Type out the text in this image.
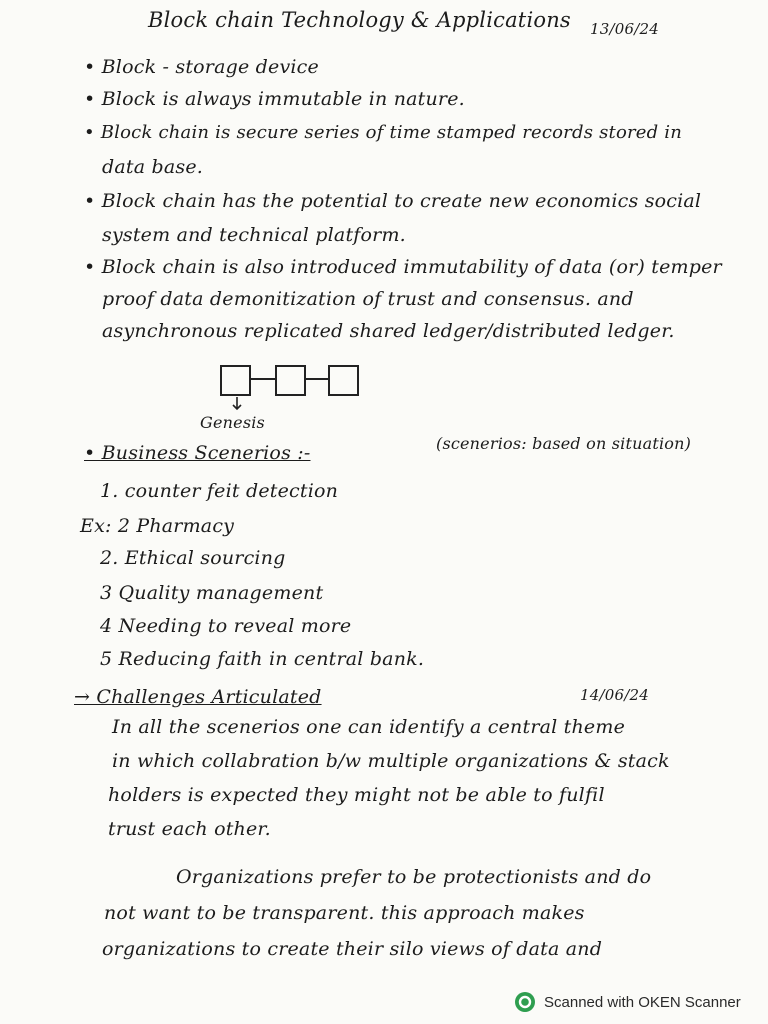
Block chain Technology & Applications 13/06/24
• Block - storage device
• Block is always immutable in nature.
• Block chain is secure series of time stamped records stored in
data base.
• Block chain has the potential to create new economics social
system and technical platform.
• Block chain is also introduced immutability of data (or) temper
proof data demonitization of trust and consensus. and
asynchronous replicated shared ledger/distributed ledger.
Genesis
• Business Scenerios :-	(scenerios: based on situation)
1. counter feit detection
Ex: 2 Pharmacy
2. Ethical sourcing
3 Quality management
4 Needing to reveal more
5 Reducing faith in central bank.
→ Challenges Articulated	14/06/24
In all the scenerios one can identify a central theme
in which collabration b/w multiple organizations & stack
holders is expected they might not be able to fulfil
trust each other.
Organizations prefer to be protectionists and do
not want to be transparent. this approach makes
organizations to create their silo views of data and
Scanned with OKEN Scanner
